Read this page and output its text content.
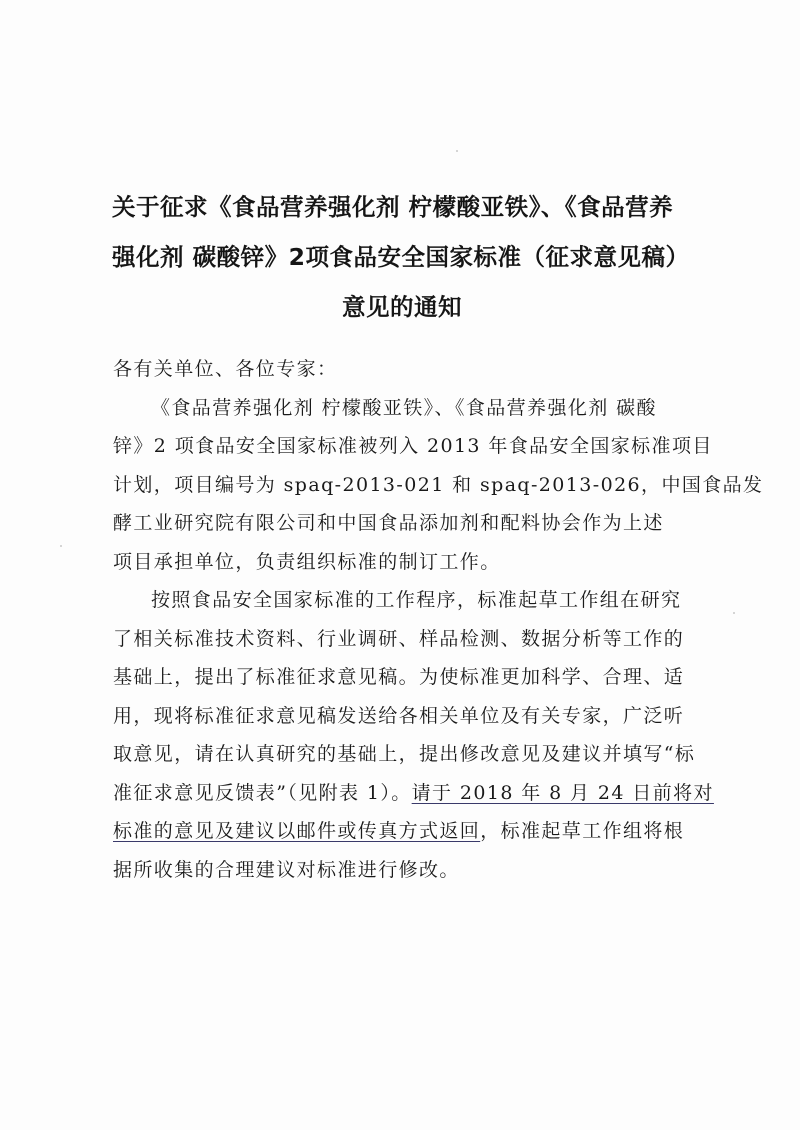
关于征求《食品营养强化剂 柠檬酸亚铁》、《食品营养
强化剂 碳酸锌》2项食品安全国家标准（征求意见稿）
意见的通知
各有关单位、各位专家：
《食品营养强化剂 柠檬酸亚铁》、《食品营养强化剂 碳酸
锌》2 项食品安全国家标准被列入 2013 年食品安全国家标准项目
计划，项目编号为 spaq-2013-021 和 spaq-2013-026，中国食品发
酵工业研究院有限公司和中国食品添加剂和配料协会作为上述
项目承担单位，负责组织标准的制订工作。
按照食品安全国家标准的工作程序，标准起草工作组在研究
了相关标准技术资料、行业调研、样品检测、数据分析等工作的
基础上，提出了标准征求意见稿。为使标准更加科学、合理、适
用，现将标准征求意见稿发送给各相关单位及有关专家，广泛听
取意见，请在认真研究的基础上，提出修改意见及建议并填写“标
准征求意见反馈表”（见附表 1）。请于 2018 年 8 月 24 日前将对
标准的意见及建议以邮件或传真方式返回，标准起草工作组将根
据所收集的合理建议对标准进行修改。
